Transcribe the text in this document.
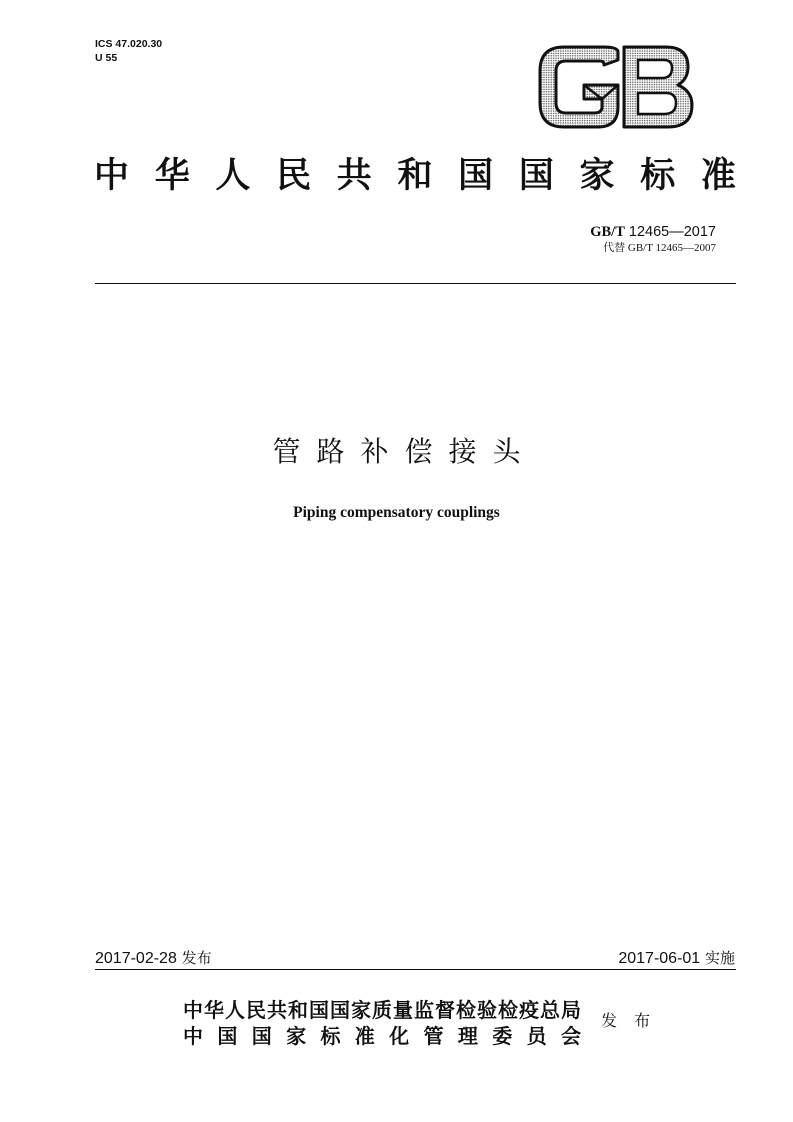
ICS 47.020.30
U 55
中 华 人 民 共 和 国 国 家 标 准
GB/T 12465—2017
代替 GB/T 12465—2007
管路补偿接头
Piping compensatory couplings
2017-02-28 发布	2017-06-01 实施
中 华 人 民 共 和 国 国 家 质 量 监 督 检 验 检 疫 总 局
中 国 国 家 标 准 化 管 理 委 员 会
发 布
